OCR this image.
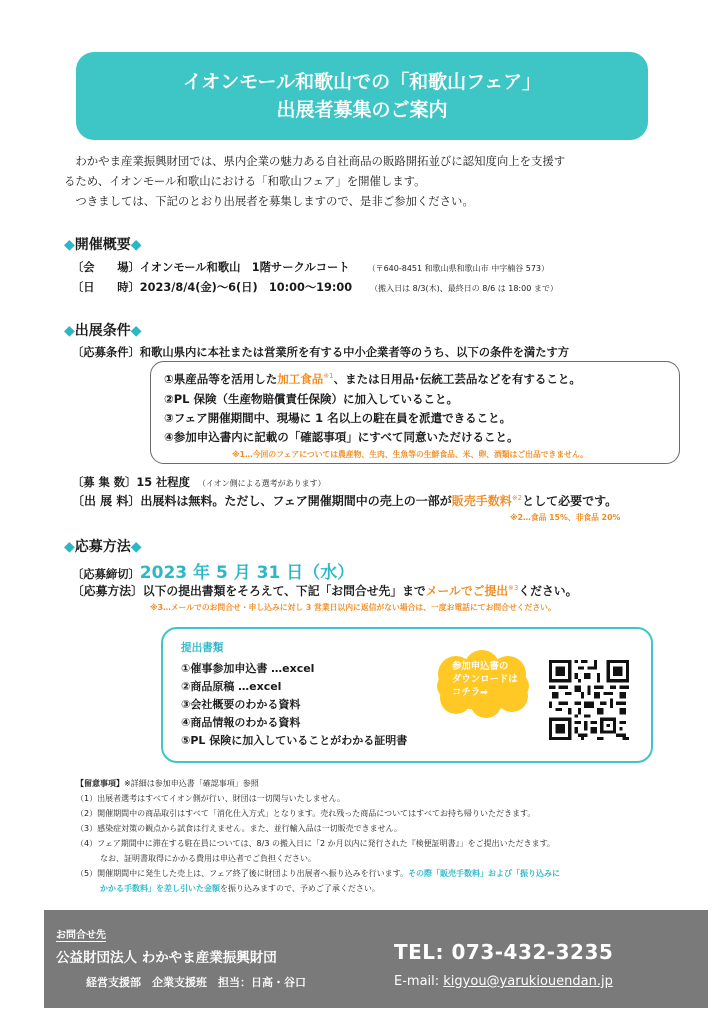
イオンモール和歌山での「和歌山フェア」
出展者募集のご案内

　わかやま産業振興財団では、県内企業の魅力ある自社商品の販路開拓並びに認知度向上を支援す

るため、イオンモール和歌山における「和歌山フェア」を開催します。

　つきましては、下記のとおり出展者を募集しますので、是非ご参加ください。

◆開催概要◆
〔会　　場〕イオンモール和歌山　1階サークルコート （〒640-8451 和歌山県和歌山市 中字楠谷 573）
〔日　　時〕2023/8/4(金)～6(日)　10:00～19:00 （搬入日は 8/3(木)、最終日の 8/6 は 18:00 まで）
◆出展条件◆
〔応募条件〕和歌山県内に本社または営業所を有する中小企業者等のうち、以下の条件を満たす方
①県産品等を活用した加工食品$^{※1}$、または日用品･伝統工芸品などを有すること。
②PL 保険（生産物賠償責任保険）に加入していること。
③フェア開催期間中、現場に 1 名以上の駐在員を派遣できること。
④参加申込書内に記載の「確認事項」にすべて同意いただけること。
※1…今回のフェアについては農産物、生肉、生魚等の生鮮食品、米、卵、酒類はご出品できません。
〔募 集 数〕15 社程度 （イオン側による選考があります）
〔出 展 料〕出展料は無料。ただし、フェア開催期間中の売上の一部が販売手数料$^{※2}$として必要です。
※2…食品 15%、非食品 20%
◆応募方法◆
〔応募締切〕2023 年 5 月 31 日（水）
〔応募方法〕以下の提出書類をそろえて、下記「お問合せ先」までメールでご提出$^{※3}$ください。
※3…メールでのお問合せ・申し込みに対し 3 営業日以内に返信がない場合は、一度お電話にてお問合せください。
提出書類
①催事参加申込書 …excel
②商品原稿 …excel
③会社概要のわかる資料
④商品情報のわかる資料
⑤PL 保険に加入していることがわかる証明書
参加申込書の
ダウンロードは
コチラ➡
【留意事項】※詳細は参加申込書「確認事項」参照
（1）出展者選考はすべてイオン側が行い、財団は一切関与いたしません。
（2）開催期間中の商品取引はすべて「消化仕入方式」となります。売れ残った商品についてはすべてお持ち帰りいただきます。
（3）感染症対策の観点から試食は行えません。また、並行輸入品は一切販売できません。
（4）フェア期間中に滞在する駐在員については、8/3 の搬入日に「2 か月以内に発行された『検便証明書』」をご提出いただきます。
なお、証明書取得にかかる費用は申込者でご負担ください。
（5）開催期間中に発生した売上は、フェア終了後に財団より出展者へ振り込みを行います。その際「販売手数料」および「振り込みに
かかる手数料」を差し引いた金額を振り込みますので、予めご了承ください。
お問合せ先
公益財団法人 わかやま産業振興財団
経営支援部　企業支援班　担当：日高・谷口
TEL: 073-432-3235
E-mail: kigyou@yarukiouendan.jp
